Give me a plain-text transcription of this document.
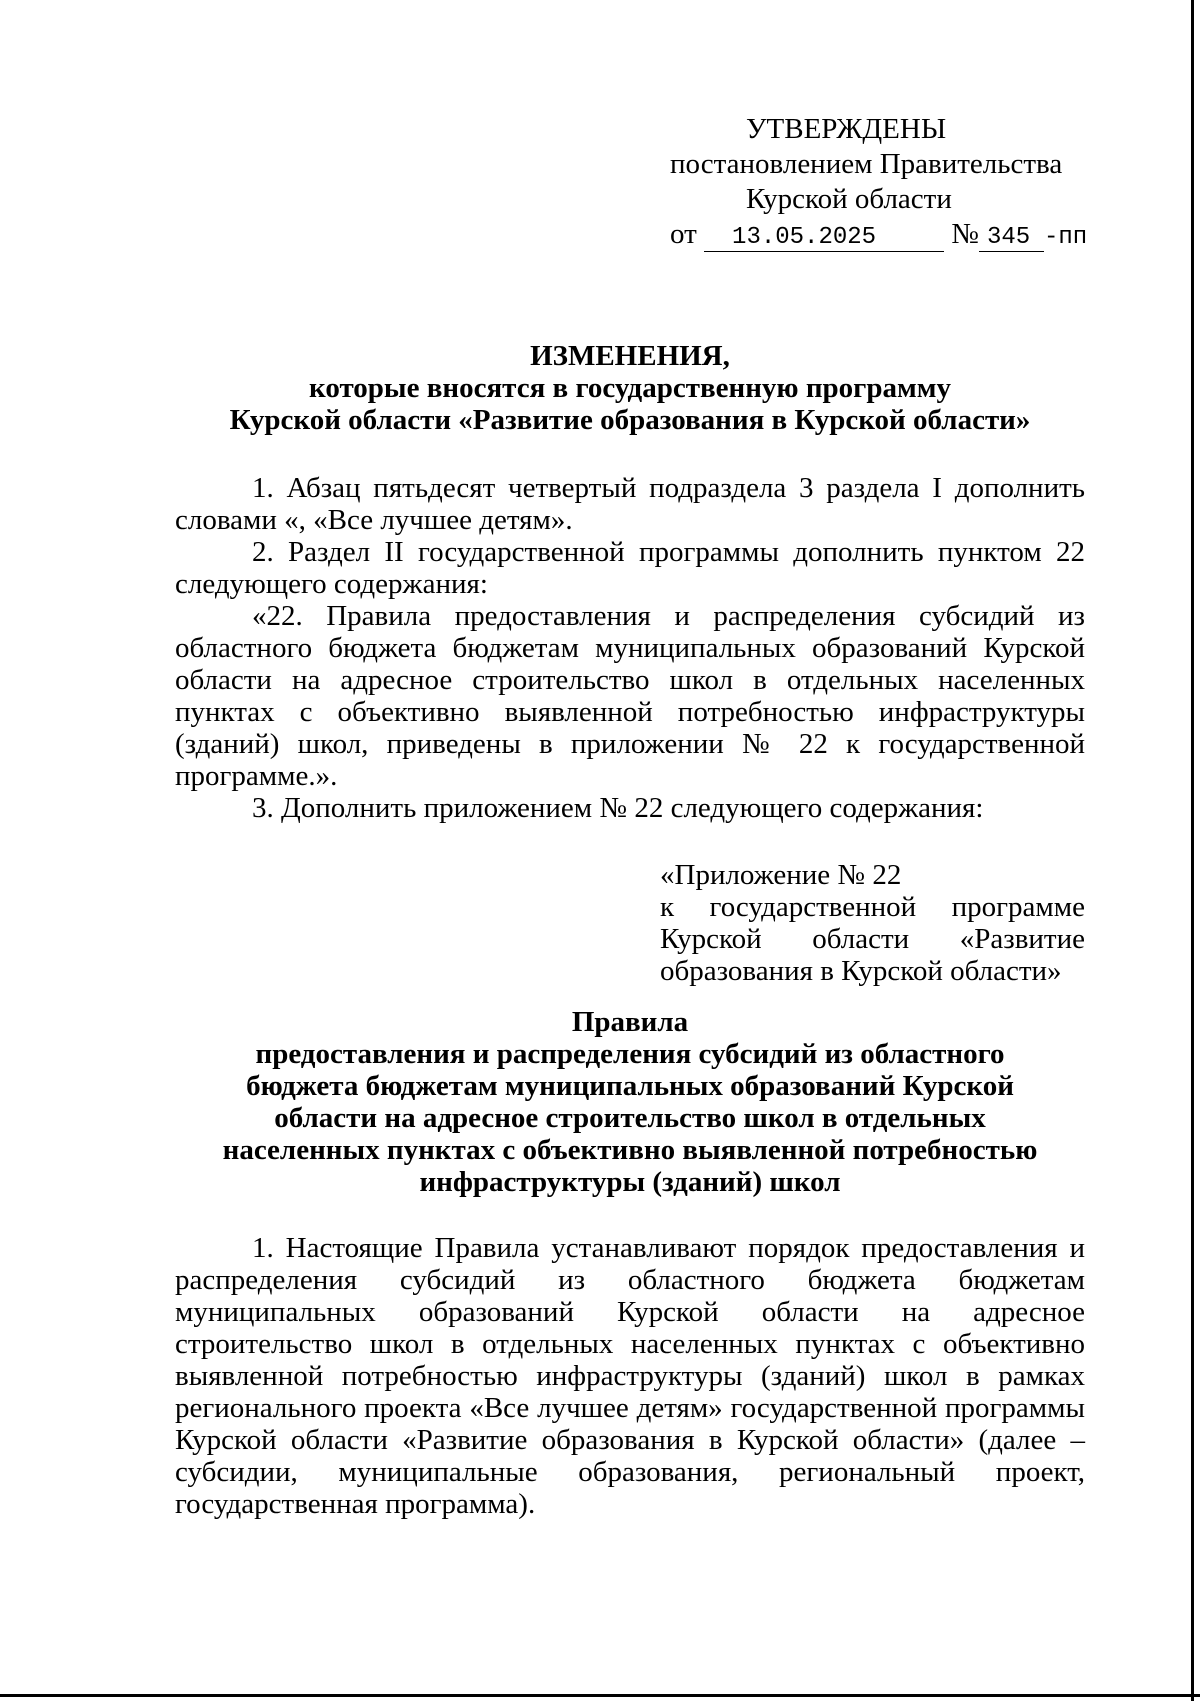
УТВЕРЖДЕНЫ
постановлением Правительства
Курской области
от 13.05.2025	№ 345 -пп
ИЗМЕНЕНИЯ,
которые вносятся в государственную программу
Курской области «Развитие образования в Курской области»

1. Абзац пятьдесят четвертый подраздела 3 раздела I дополнить словами «, «Все лучшее детям».

2. Раздел II государственной программы дополнить пунктом 22 следующего содержания:

«22. Правила предоставления и распределения субсидий из областного бюджета бюджетам муниципальных образований Курской области на адресное строительство школ в отдельных населенных пунктах с объективно выявленной потребностью инфраструктуры (зданий) школ, приведены в приложении № 22 к государственной программе.».

3. Дополнить приложением № 22 следующего содержания:

«Приложение № 22

к государственной программе

Курской области «Развитие

образования в Курской области»

Правила
предоставления и распределения субсидий из областного
бюджета бюджетам муниципальных образований Курской
области на адресное строительство школ в отдельных
населенных пунктах с объективно выявленной потребностью
инфраструктуры (зданий) школ

1. Настоящие Правила устанавливают порядок предоставления и распределения субсидий из областного бюджета бюджетам муниципальных образований Курской области на адресное строительство школ в отдельных населенных пунктах с объективно выявленной потребностью инфраструктуры (зданий) школ в рамках регионального проекта «Все лучшее детям» государственной программы Курской области «Развитие образования в Курской области» (далее – субсидии, муниципальные образования, региональный проект, государственная программа).
